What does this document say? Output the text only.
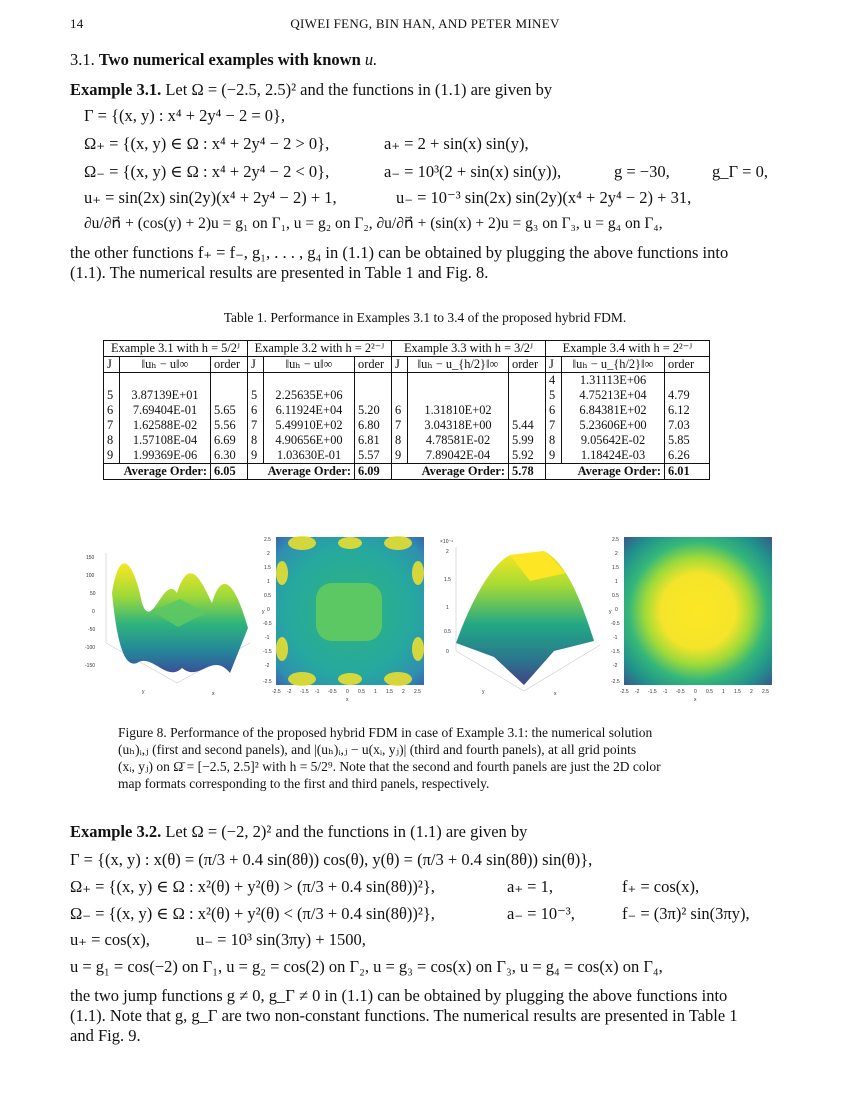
14	QIWEI FENG, BIN HAN, AND PETER MINEV
3.1. Two numerical examples with known u.
Example 3.1. Let Ω = (−2.5, 2.5)² and the functions in (1.1) are given by
Γ = {(x, y) : x⁴ + 2y⁴ − 2 = 0},
Ω₊ = {(x, y) ∈ Ω : x⁴ + 2y⁴ − 2 > 0},	a₊ = 2 + sin(x) sin(y),
Ω₋ = {(x, y) ∈ Ω : x⁴ + 2y⁴ − 2 < 0},	a₋ = 10³(2 + sin(x) sin(y)),	g = −30,	g_Γ = 0,
u₊ = sin(2x) sin(2y)(x⁴ + 2y⁴ − 2) + 1,	u₋ = 10⁻³ sin(2x) sin(2y)(x⁴ + 2y⁴ − 2) + 31,
∂u/∂n⃗ + (cos(y) + 2)u = g₁ on Γ₁, u = g₂ on Γ₂, ∂u/∂n⃗ + (sin(x) + 2)u = g₃ on Γ₃, u = g₄ on Γ₄,
the other functions f₊ = f₋, g₁, . . . , g₄ in (1.1) can be obtained by plugging the above functions into
(1.1). The numerical results are presented in Table 1 and Fig. 8.
Table 1. Performance in Examples 3.1 to 3.4 of the proposed hybrid FDM.
Example 3.1 with h = 5/2ᴶ			Example 3.2 with h = 2²⁻ᴶ			Example 3.3 with h = 3/2ᴶ			Example 3.4 with h = 2²⁻ᴶ		
J	‖uₕ − u‖∞	order	J	‖uₕ − u‖∞	order	J	‖uₕ − u_{h/2}‖∞	order	J	‖uₕ − u_{h/2}‖∞	order
									4	1.31113E+06	
5	3.87139E+01		5	2.25635E+06					5	4.75213E+04	4.79
6	7.69404E-01	5.65	6	6.11924E+04	5.20	6	1.31810E+02		6	6.84381E+02	6.12
7	1.62588E-02	5.56	7	5.49910E+02	6.80	7	3.04318E+00	5.44	7	5.23606E+00	7.03
8	1.57108E-04	6.69	8	4.90656E+00	6.81	8	4.78581E-02	5.99	8	9.05642E-02	5.85
9	1.99369E-06	6.30	9	1.03630E-01	5.57	9	7.89042E-04	5.92	9	1.18424E-03	6.26
	Average Order:	6.05		Average Order:	6.09		Average Order:	5.78		Average Order:	6.01
150
100
50
0
-50
-100
-150
y	x
2.5
2
1.5
1
0.5
0
-0.5
-1
-1.5
-2
-2.5
-2.5 -2 -1.5 -1 -0.5 0 0.5 1 1.5 2 2.5
x
y
×10⁻⁴
2
1.5
1
0.5
0
y	x
2.5
2
1.5
1
0.5
0
-0.5
-1
-1.5
-2
-2.5
-2.5 -2 -1.5 -1 -0.5 0 0.5 1 1.5 2 2.5
x
y
Figure 8. Performance of the proposed hybrid FDM in case of Example 3.1: the numerical solution
(uₕ)ᵢ,ⱼ (first and second panels), and |(uₕ)ᵢ,ⱼ − u(xᵢ, yⱼ)| (third and fourth panels), at all grid points
(xᵢ, yⱼ) on Ω̄ = [−2.5, 2.5]² with h = 5/2⁹. Note that the second and fourth panels are just the 2D color
map formats corresponding to the first and third panels, respectively.
Example 3.2. Let Ω = (−2, 2)² and the functions in (1.1) are given by
Γ = {(x, y) : x(θ) = (π/3 + 0.4 sin(8θ)) cos(θ), y(θ) = (π/3 + 0.4 sin(8θ)) sin(θ)},
Ω₊ = {(x, y) ∈ Ω : x²(θ) + y²(θ) > (π/3 + 0.4 sin(8θ))²},	a₊ = 1,	f₊ = cos(x),
Ω₋ = {(x, y) ∈ Ω : x²(θ) + y²(θ) < (π/3 + 0.4 sin(8θ))²},	a₋ = 10⁻³,	f₋ = (3π)² sin(3πy),
u₊ = cos(x),	u₋ = 10³ sin(3πy) + 1500,
u = g₁ = cos(−2) on Γ₁, u = g₂ = cos(2) on Γ₂, u = g₃ = cos(x) on Γ₃, u = g₄ = cos(x) on Γ₄,
the two jump functions g ≠ 0, g_Γ ≠ 0 in (1.1) can be obtained by plugging the above functions into
(1.1). Note that g, g_Γ are two non-constant functions. The numerical results are presented in Table 1
and Fig. 9.
